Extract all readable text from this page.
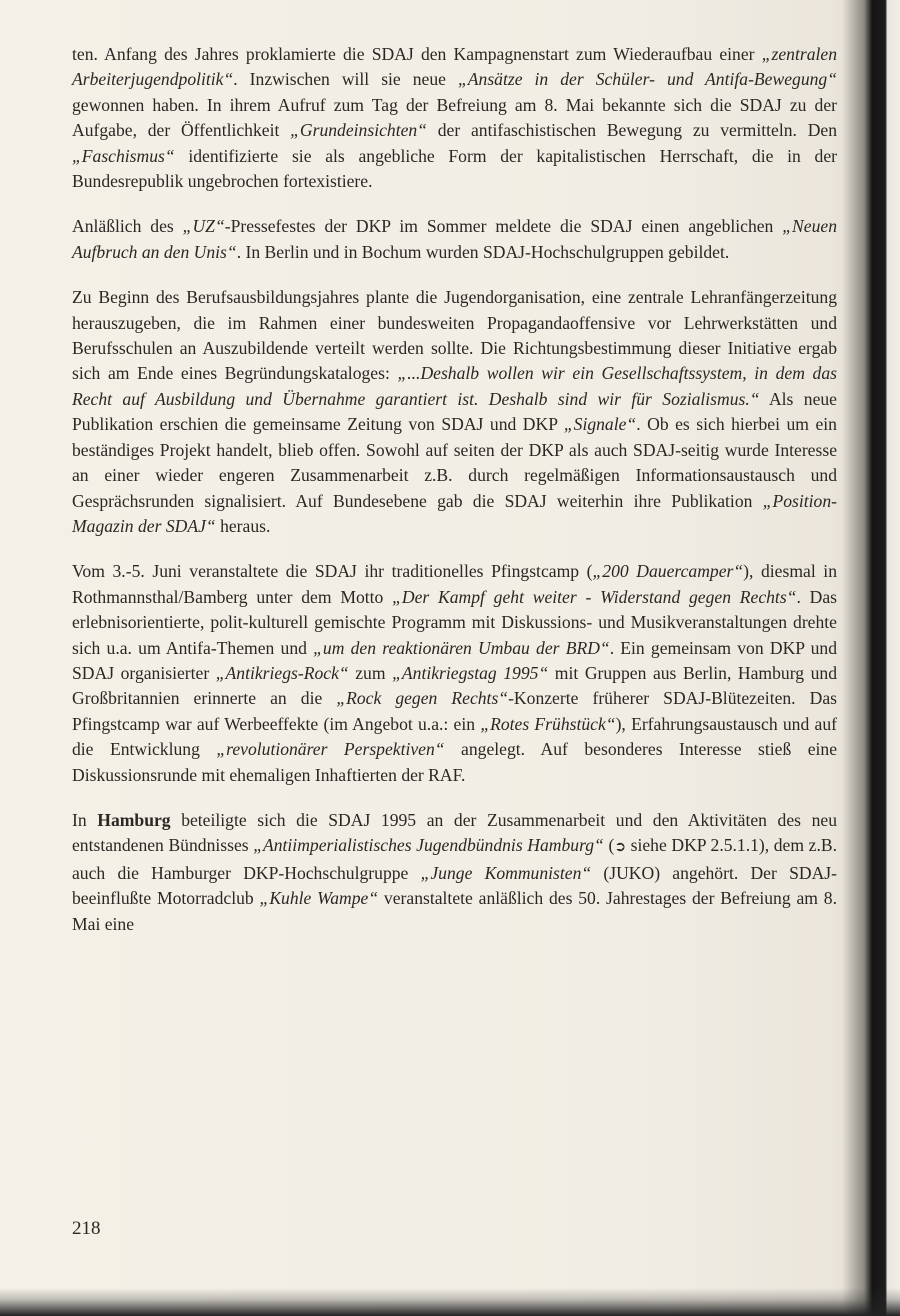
ten. Anfang des Jahres proklamierte die SDAJ den Kampagnenstart zum Wiederaufbau einer „zentralen Arbeiterjugendpolitik“. Inzwischen will sie neue „Ansätze in der Schüler- und Antifa-Bewegung“ gewonnen haben. In ihrem Aufruf zum Tag der Befreiung am 8. Mai bekannte sich die SDAJ zu der Aufgabe, der Öffentlichkeit „Grundeinsichten“ der antifaschistischen Bewegung zu vermitteln. Den „Faschismus“ identifizierte sie als angebliche Form der kapitalistischen Herrschaft, die in der Bundesrepublik ungebrochen fortexistiere.

Anläßlich des „UZ“-Pressefestes der DKP im Sommer meldete die SDAJ einen angeblichen „Neuen Aufbruch an den Unis“. In Berlin und in Bochum wurden SDAJ-Hochschulgruppen gebildet.

Zu Beginn des Berufsausbildungsjahres plante die Jugendorganisation, eine zentrale Lehranfängerzeitung herauszugeben, die im Rahmen einer bundesweiten Propagandaoffensive vor Lehrwerkstätten und Berufsschulen an Auszubildende verteilt werden sollte. Die Richtungsbestimmung dieser Initiative ergab sich am Ende eines Begründungskataloges: „...Deshalb wollen wir ein Gesellschaftssystem, in dem das Recht auf Ausbildung und Übernahme garantiert ist. Deshalb sind wir für Sozialismus.“ Als neue Publikation erschien die gemeinsame Zeitung von SDAJ und DKP „Signale“. Ob es sich hierbei um ein beständiges Projekt handelt, blieb offen. Sowohl auf seiten der DKP als auch SDAJ-seitig wurde Interesse an einer wieder engeren Zusammenarbeit z.B. durch regelmäßigen Informationsaustausch und Gesprächsrunden signalisiert. Auf Bundesebene gab die SDAJ weiterhin ihre Publikation „Position-Magazin der SDAJ“ heraus.

Vom 3.-5. Juni veranstaltete die SDAJ ihr traditionelles Pfingstcamp („200 Dauercamper“), diesmal in Rothmannsthal/Bamberg unter dem Motto „Der Kampf geht weiter - Widerstand gegen Rechts“. Das erlebnisorientierte, polit-kulturell gemischte Programm mit Diskussions- und Musikveranstaltungen drehte sich u.a. um Antifa-Themen und „um den reaktionären Umbau der BRD“. Ein gemeinsam von DKP und SDAJ organisierter „Antikriegs-Rock“ zum „Antikriegstag 1995“ mit Gruppen aus Berlin, Hamburg und Großbritannien erinnerte an die „Rock gegen Rechts“-Konzerte früherer SDAJ-Blütezeiten. Das Pfingstcamp war auf Werbeeffekte (im Angebot u.a.: ein „Rotes Frühstück“), Erfahrungsaustausch und auf die Entwicklung „revolutionärer Perspektiven“ angelegt. Auf besonderes Interesse stieß eine Diskussionsrunde mit ehemaligen Inhaftierten der RAF.

In Hamburg beteiligte sich die SDAJ 1995 an der Zusammenarbeit und den Aktivitäten des neu entstandenen Bündnisses „Antiimperialistisches Jugendbündnis Hamburg“ (➲ siehe DKP 2.5.1.1), dem z.B. auch die Hamburger DKP-Hochschulgruppe „Junge Kommunisten“ (JUKO) angehört. Der SDAJ-beeinflußte Motorradclub „Kuhle Wampe“ veranstaltete anläßlich des 50. Jahrestages der Befreiung am 8. Mai eine

218
